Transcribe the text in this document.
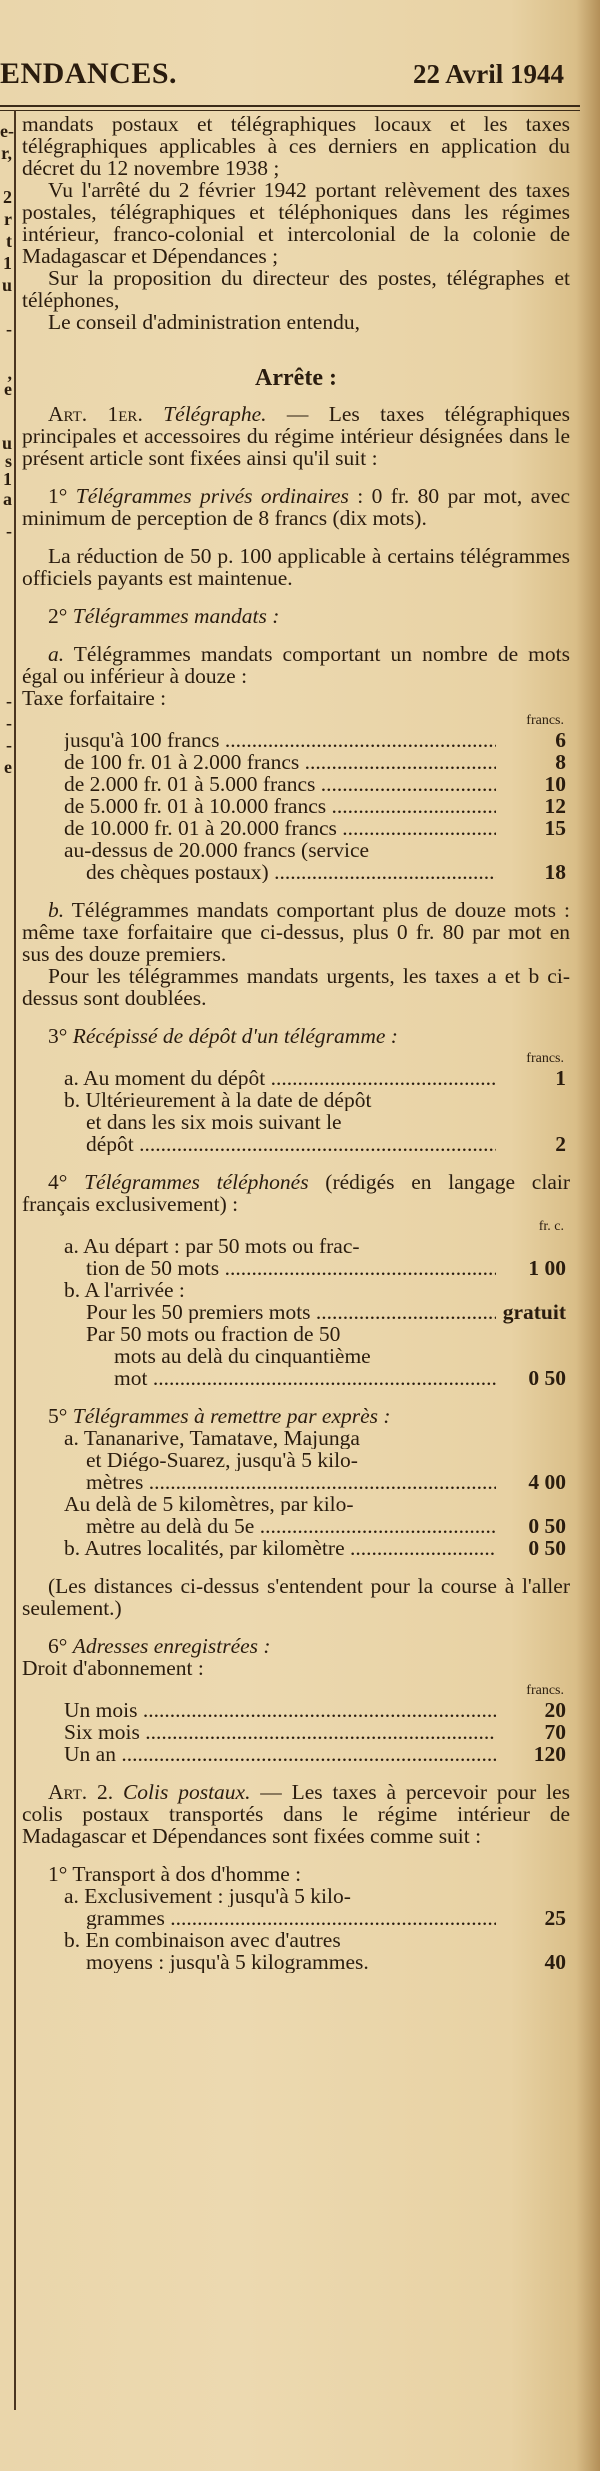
ENDANCES.	22 Avril 1944
e-
r,
2
r
t
1
u
-
,
e
u
s
1
a
-
-
-
-
e

mandats postaux et télégraphiques locaux et les taxes télégraphiques applicables à ces derniers en application du décret du 12 novembre 1938 ;

Vu l'arrêté du 2 février 1942 portant relèvement des taxes postales, télégraphiques et téléphoniques dans les régimes intérieur, franco-colonial et intercolonial de la colonie de Madagascar et Dépendances ;

Sur la proposition du directeur des postes, télégraphes et téléphones,

Le conseil d'administration entendu,

Arrête :

Art. 1er. Télégraphe. — Les taxes télégraphiques principales et accessoires du régime intérieur désignées dans le présent article sont fixées ainsi qu'il suit :

1° Télégrammes privés ordinaires : 0 fr. 80 par mot, avec minimum de perception de 8 francs (dix mots).

La réduction de 50 p. 100 applicable à certains télégrammes officiels payants est maintenue.

2° Télégrammes mandats :

a. Télégrammes mandats comportant un nombre de mots égal ou inférieur à douze :

Taxe forfaitaire :

francs.
jusqu'à 100 francs .....	6
de 100 fr. 01 à 2.000 francs .....	8
de 2.000 fr. 01 à 5.000 francs .....	10
de 5.000 fr. 01 à 10.000 francs .....	12
de 10.000 fr. 01 à 20.000 francs .....	15
au-dessus de 20.000 francs (service
des chèques postaux) .....	18

b. Télégrammes mandats comportant plus de douze mots : même taxe forfaitaire que ci-dessus, plus 0 fr. 80 par mot en sus des douze premiers.

Pour les télégrammes mandats urgents, les taxes a et b ci-dessus sont doublées.

3° Récépissé de dépôt d'un télégramme :

francs.
a. Au moment du dépôt .....	1
b. Ultérieurement à la date de dépôt
et dans les six mois suivant le
dépôt .....	2

4° Télégrammes téléphonés (rédigés en langage clair français exclusivement) :

fr. c.
a. Au départ : par 50 mots ou frac-
tion de 50 mots .....	1 00
b. A l'arrivée :
Pour les 50 premiers mots .....	gratuit
Par 50 mots ou fraction de 50
mots au delà du cinquantième
mot .....	0 50

5° Télégrammes à remettre par exprès :

a. Tananarive, Tamatave, Majunga
et Diégo-Suarez, jusqu'à 5 kilo-
mètres .....	4 00
Au delà de 5 kilomètres, par kilo-
mètre au delà du 5e .....	0 50
b. Autres localités, par kilomètre .....	0 50

(Les distances ci-dessus s'entendent pour la course à l'aller seulement.)

6° Adresses enregistrées :

Droit d'abonnement :

francs.
Un mois .....	20
Six mois .....	70
Un an .....	120

Art. 2. Colis postaux. — Les taxes à percevoir pour les colis postaux transportés dans le régime intérieur de Madagascar et Dépendances sont fixées comme suit :

1° Transport à dos d'homme :

a. Exclusivement : jusqu'à 5 kilo-
grammes .....	25
b. En combinaison avec d'autres
moyens : jusqu'à 5 kilogrammes.	40
